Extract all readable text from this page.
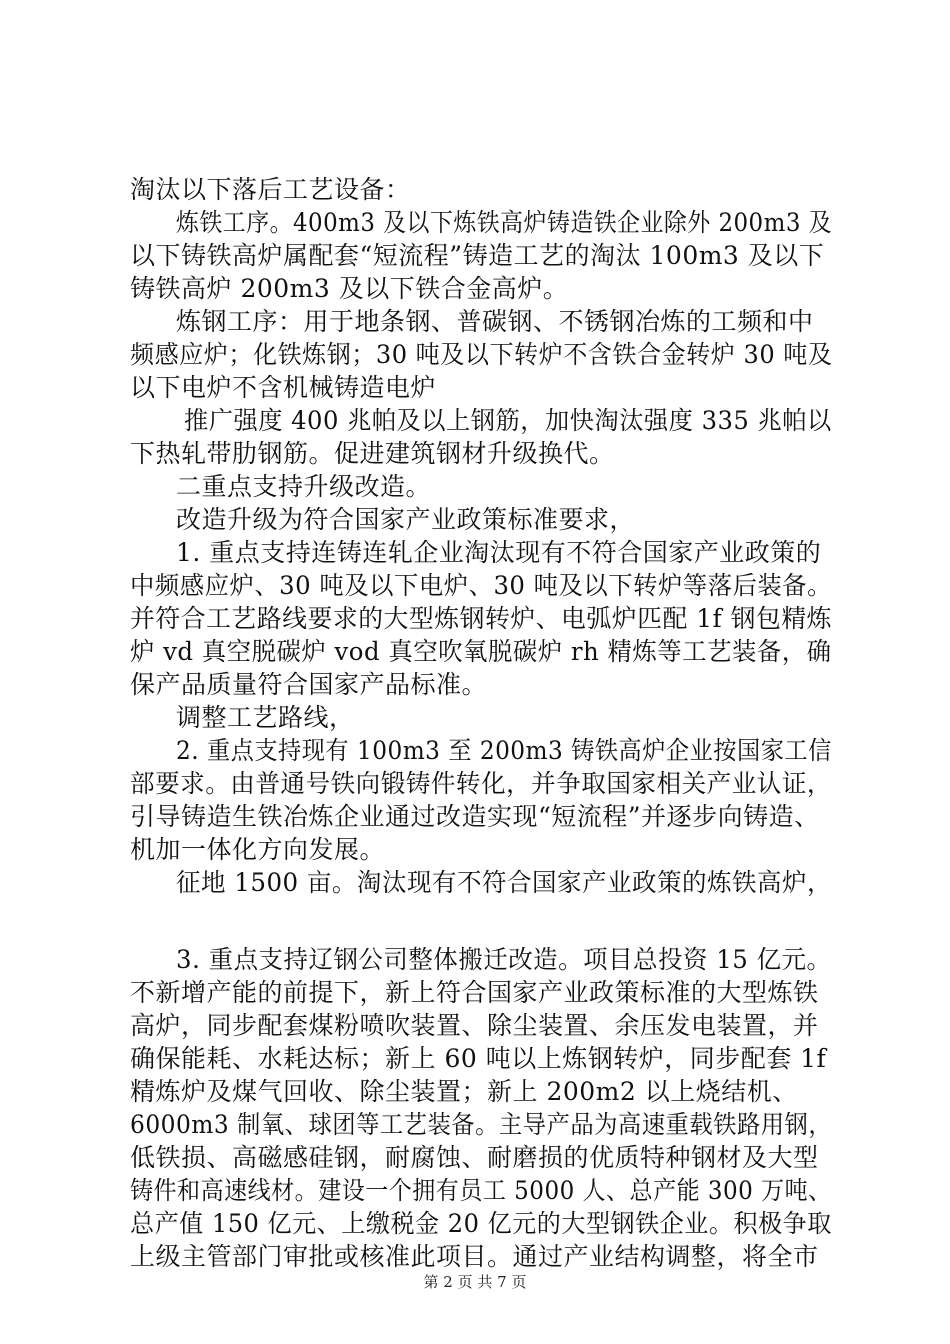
淘汰以下落后工艺设备：
炼铁工序。400m3 及以下炼铁高炉铸造铁企业除外 200m3 及
以下铸铁高炉属配套“短流程”铸造工艺的淘汰 100m3 及以下
铸铁高炉 200m3 及以下铁合金高炉。
炼钢工序：用于地条钢、普碳钢、不锈钢冶炼的工频和中
频感应炉；化铁炼钢；30 吨及以下转炉不含铁合金转炉 30 吨及
以下电炉不含机械铸造电炉
推广强度 400 兆帕及以上钢筋，加快淘汰强度 335 兆帕以
下热轧带肋钢筋。促进建筑钢材升级换代。
二重点支持升级改造。
改造升级为符合国家产业政策标准要求，
1. 重点支持连铸连轧企业淘汰现有不符合国家产业政策的
中频感应炉、30 吨及以下电炉、30 吨及以下转炉等落后装备。
并符合工艺路线要求的大型炼钢转炉、电弧炉匹配 1f 钢包精炼
炉 vd 真空脱碳炉 vod 真空吹氧脱碳炉 rh 精炼等工艺装备，确
保产品质量符合国家产品标准。
调整工艺路线，
2. 重点支持现有 100m3 至 200m3 铸铁高炉企业按国家工信
部要求。由普通号铁向锻铸件转化，并争取国家相关产业认证，
引导铸造生铁冶炼企业通过改造实现“短流程”并逐步向铸造、
机加一体化方向发展。
征地 1500 亩。淘汰现有不符合国家产业政策的炼铁高炉，
3. 重点支持辽钢公司整体搬迁改造。项目总投资 15 亿元。
不新增产能的前提下，新上符合国家产业政策标准的大型炼铁
高炉，同步配套煤粉喷吹装置、除尘装置、余压发电装置，并
确保能耗、水耗达标；新上 60 吨以上炼钢转炉，同步配套 1f
精炼炉及煤气回收、除尘装置；新上 200m2 以上烧结机、
6000m3 制氧、球团等工艺装备。主导产品为高速重载铁路用钢，
低铁损、高磁感硅钢，耐腐蚀、耐磨损的优质特种钢材及大型
铸件和高速线材。建设一个拥有员工 5000 人、总产能 300 万吨、
总产值 150 亿元、上缴税金 20 亿元的大型钢铁企业。积极争取
上级主管部门审批或核准此项目。通过产业结构调整，将全市
第 2 页 共 7 页
